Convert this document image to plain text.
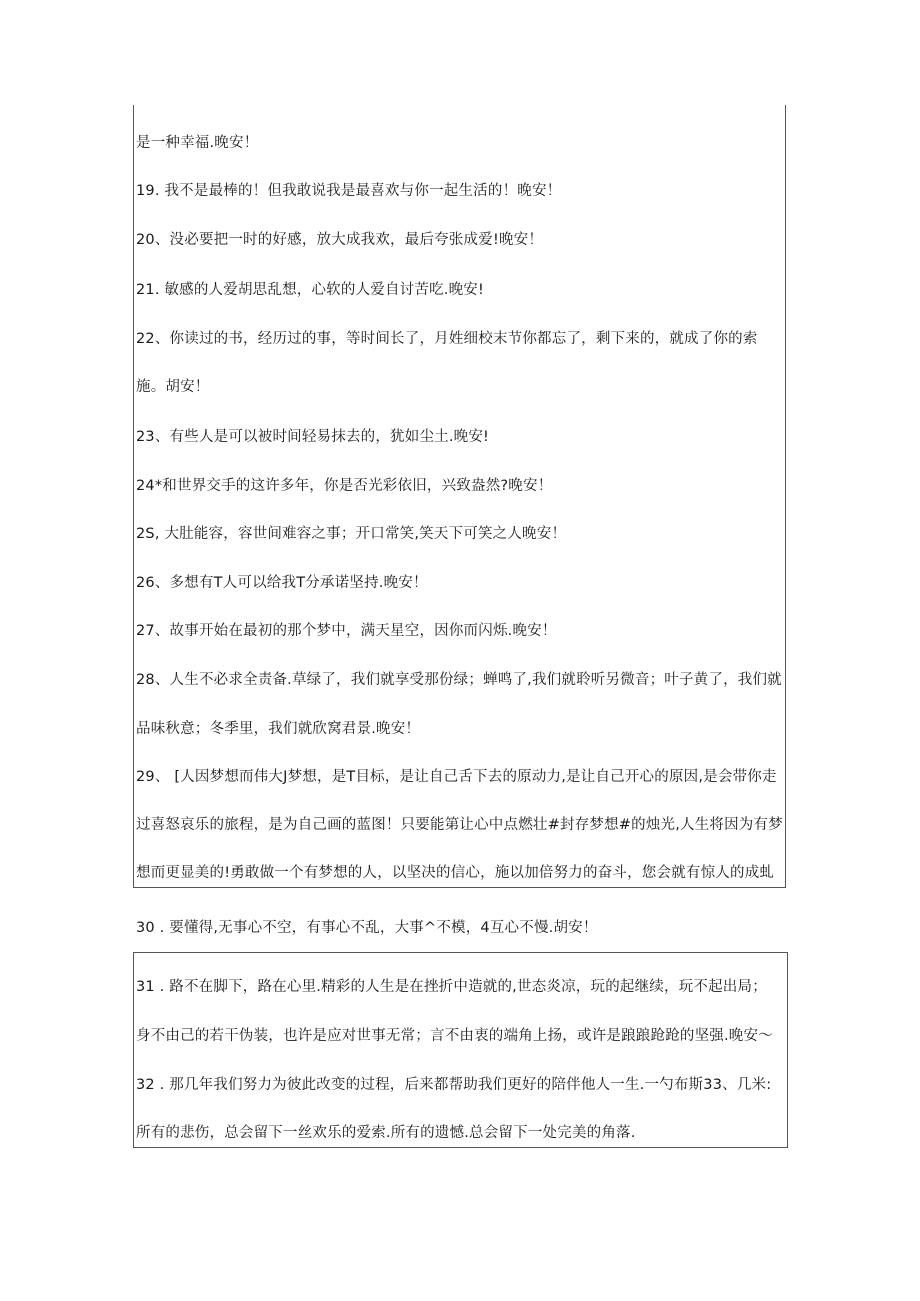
是一种幸福.晚安！
19. 我不是最棒的！但我敢说我是最喜欢与你一起生活的！晚安！
20、没必要把一时的好感，放大成我欢，最后夸张成爱!晚安！
21. 敏感的人爱胡思乱想，心软的人爱自讨苦吃.晚安!
22、你读过的书，经历过的事，等时间长了，月姓细校末节你都忘了，剩下来的，就成了你的索
施。胡安！
23、有些人是可以被时间轻易抹去的，犹如尘土.晚安!
24*和世界交手的这许多年，你是否光彩依旧，兴致盎然?晚安！
2S, 大肚能容，容世间难容之事；开口常笑,笑天下可笑之人晚安！
26、多想有T人可以给我T分承诺坚持.晚安！
27、故事开始在最初的那个梦中，满天星空，因你而闪烁.晚安！
28、人生不必求全责备.草绿了，我们就享受那份绿；蝉鸣了,我们就聆听另微音；叶子黄了，我们就
品味秋意；冬季里，我们就欣窝君景.晚安！
29、 [人因梦想而伟大J梦想，是T目标，是让自己舌下去的原动力,是让自己开心的原因,是会带你走
过喜怒哀乐的旅程，是为自己画的蓝图！只要能第让心中点燃壮#封存梦想#的烛光,人生将因为有梦
想而更显美的!勇敢做一个有梦想的人，以坚决的信心，施以加倍努力的奋斗，您会就有惊人的成虬
30 . 要懂得,无事心不空，有事心不乱，大事^不模，4互心不慢.胡安！
31 . 路不在脚下，路在心里.精彩的人生是在挫折中造就的,世态炎凉，玩的起继续，玩不起出局；
身不由己的若干伪装，也许是应对世事无常；言不由衷的端角上扬，或许是踉踉跄跄的坚强.晚安〜
32 . 那几年我们努力为彼此改变的过程，后来都帮助我们更好的陪伴他人一生.一勺布斯33、几米:
所有的悲伤，总会留下一丝欢乐的爱索.所有的遗憾.总会留下一处完美的角落.
